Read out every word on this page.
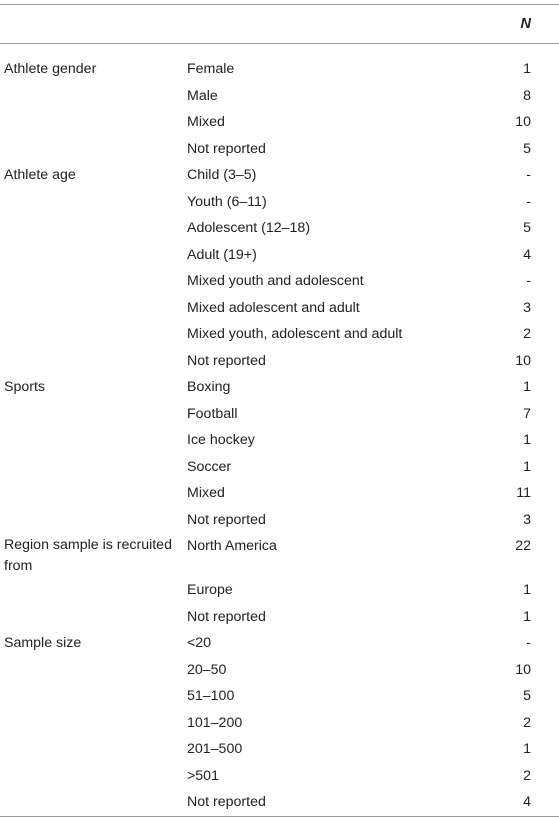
		N
Athlete gender	Female	1
	Male	8
	Mixed	10
	Not reported	5
Athlete age	Child (3–5)	-
	Youth (6–11)	-
	Adolescent (12–18)	5
	Adult (19+)	4
	Mixed youth and adolescent	-
	Mixed adolescent and adult	3
	Mixed youth, adolescent and adult	2
	Not reported	10
Sports	Boxing	1
	Football	7
	Ice hockey	1
	Soccer	1
	Mixed	11
	Not reported	3
Region sample is recruited from	North America	22
	Europe	1
	Not reported	1
Sample size	<20	-
	20–50	10
	51–100	5
	101–200	2
	201–500	1
	>501	2
	Not reported	4
